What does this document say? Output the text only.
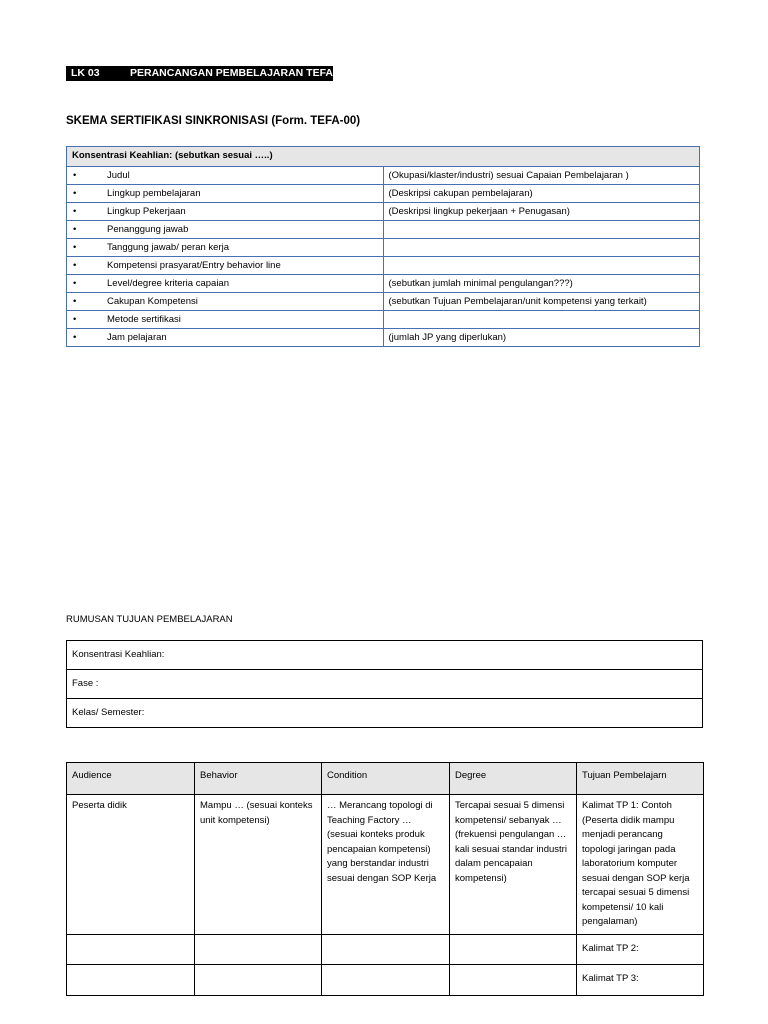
LK 03	PERANCANGAN PEMBELAJARAN TEFA
SKEMA SERTIFIKASI SINKRONISASI (Form. TEFA-00)
Konsentrasi Keahlian: (sebutkan sesuai …..)	

• Judul	(Okupasi/klaster/industri) sesuai Capaian Pembelajaran )

• Lingkup pembelajaran	(Deskripsi cakupan pembelajaran)

• Lingkup Pekerjaan	(Deskripsi lingkup pekerjaan + Penugasan)

• Penanggung jawab	

• Tanggung jawab/ peran kerja	

• Kompetensi prasyarat/Entry behavior line	

• Level/degree kriteria capaian	(sebutkan jumlah minimal pengulangan???)

• Cakupan Kompetensi	(sebutkan Tujuan Pembelajaran/unit kompetensi yang terkait)

• Metode sertifikasi	

• Jam pelajaran	(jumlah JP yang diperlukan)
RUMUSAN TUJUAN PEMBELAJARAN
Konsentrasi Keahlian:
Fase :
Kelas/ Semester:
Audience	Behavior	Condition	Degree	Tujuan Pembelajarn
Peserta didik	Mampu … (sesuai konteks unit kompetensi)	… Merancang topologi di Teaching Factory … (sesuai konteks produk pencapaian kompetensi) yang berstandar industri sesuai dengan SOP Kerja	Tercapai sesuai 5 dimensi kompetensi/ sebanyak … (frekuensi pengulangan … kali sesuai standar industri dalam pencapaian kompetensi)	Kalimat TP 1: Contoh (Peserta didik mampu menjadi perancang topologi jaringan pada laboratorium komputer sesuai dengan SOP kerja tercapai sesuai 5 dimensi kompetensi/ 10 kali pengalaman)
				Kalimat TP 2:
				Kalimat TP 3:
